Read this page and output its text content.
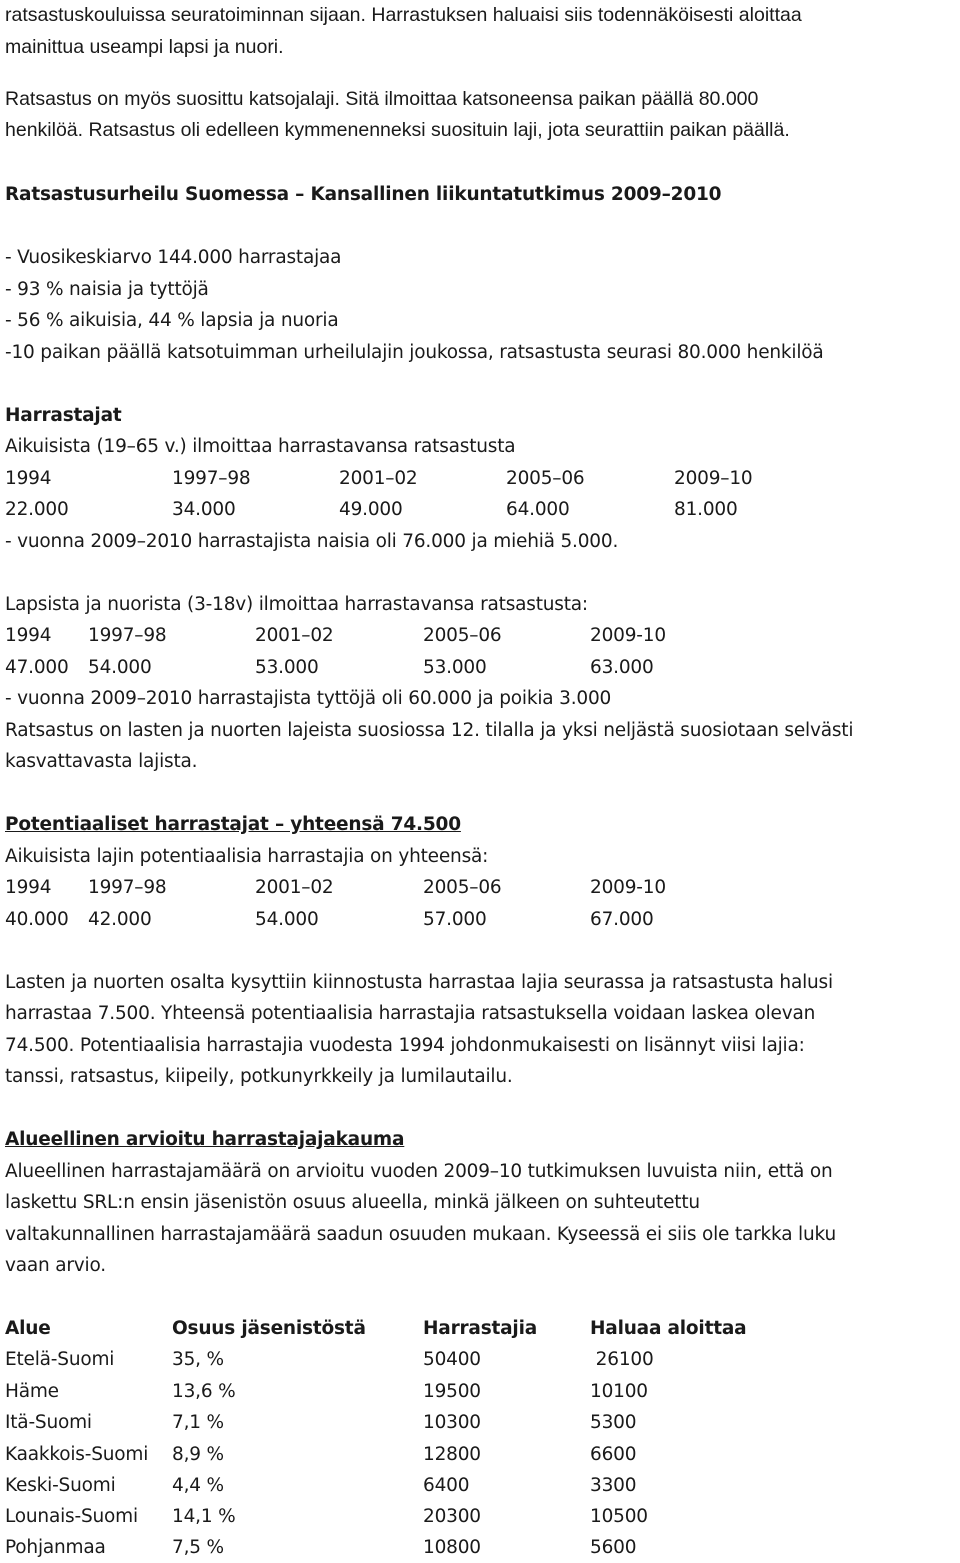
ratsastuskouluissa seuratoiminnan sijaan. Harrastuksen haluaisi siis todennäköisesti aloittaa
mainittua useampi lapsi ja nuori.
Ratsastus on myös suosittu katsojalaji. Sitä ilmoittaa katsoneensa paikan päällä 80.000
henkilöä. Ratsastus oli edelleen kymmenenneksi suosituin laji, jota seurattiin paikan päällä.
Ratsastusurheilu Suomessa – Kansallinen liikuntatutkimus 2009–2010
- Vuosikeskiarvo 144.000 harrastajaa
- 93 % naisia ja tyttöjä
- 56 % aikuisia, 44 % lapsia ja nuoria
-10 paikan päällä katsotuimman urheilulajin joukossa, ratsastusta seurasi 80.000 henkilöä
Harrastajat
Aikuisista (19–65 v.) ilmoittaa harrastavansa ratsastusta
1994	1997–98	2001–02	2005–06	2009–10
22.000	34.000	49.000	64.000	81.000
- vuonna 2009–2010 harrastajista naisia oli 76.000 ja miehiä 5.000.
Lapsista ja nuorista (3-18v) ilmoittaa harrastavansa ratsastusta:
1994 1997–98	2001–02	2005–06	2009-10
47.000 54.000	53.000	53.000	63.000
- vuonna 2009–2010 harrastajista tyttöjä oli 60.000 ja poikia 3.000
Ratsastus on lasten ja nuorten lajeista suosiossa 12. tilalla ja yksi neljästä suosiotaan selvästi
kasvattavasta lajista.
Potentiaaliset harrastajat – yhteensä 74.500
Aikuisista lajin potentiaalisia harrastajia on yhteensä:
1994 1997–98	2001–02	2005–06	2009-10
40.000 42.000	54.000	57.000	67.000
Lasten ja nuorten osalta kysyttiin kiinnostusta harrastaa lajia seurassa ja ratsastusta halusi
harrastaa 7.500. Yhteensä potentiaalisia harrastajia ratsastuksella voidaan laskea olevan
74.500. Potentiaalisia harrastajia vuodesta 1994 johdonmukaisesti on lisännyt viisi lajia:
tanssi, ratsastus, kiipeily, potkunyrkkeily ja lumilautailu.
Alueellinen arvioitu harrastajajakauma
Alueellinen harrastajamäärä on arvioitu vuoden 2009–10 tutkimuksen luvuista niin, että on
laskettu SRL:n ensin jäsenistön osuus alueella, minkä jälkeen on suhteutettu
valtakunnallinen harrastajamäärä saadun osuuden mukaan. Kyseessä ei siis ole tarkka luku
vaan arvio.
Alue	Osuus jäsenistöstä	Harrastajia	Haluaa aloittaa
Etelä-Suomi	35, %	50400	26100
Häme	13,6 %	19500	10100
Itä-Suomi	7,1 %	10300	5300
Kaakkois-Suomi 8,9 %	12800	6600
Keski-Suomi	4,4 %	6400	3300
Lounais-Suomi 14,1 %	20300	10500
Pohjanmaa	7,5 %	10800	5600
